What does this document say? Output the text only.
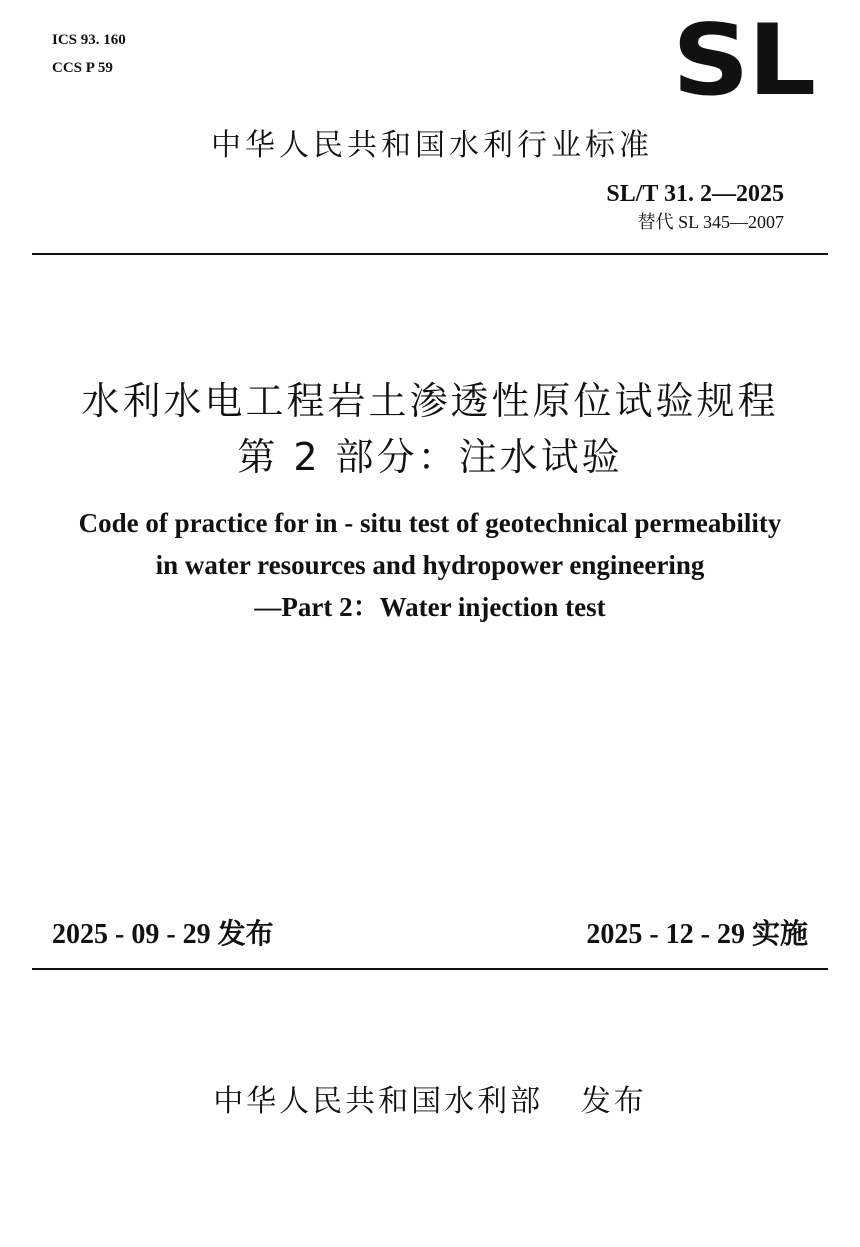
ICS 93. 160
CCS P 59	SL
中华人民共和国水利行业标准
SL/T 31. 2—2025
替代 SL 345—2007
水利水电工程岩土渗透性原位试验规程
第 2 部分：注水试验
Code of practice for in - situ test of geotechnical permeability
in water resources and hydropower engineering
—Part 2：Water injection test
2025 - 09 - 29 发布	2025 - 12 - 29 实施
中华人民共和国水利部   发布
